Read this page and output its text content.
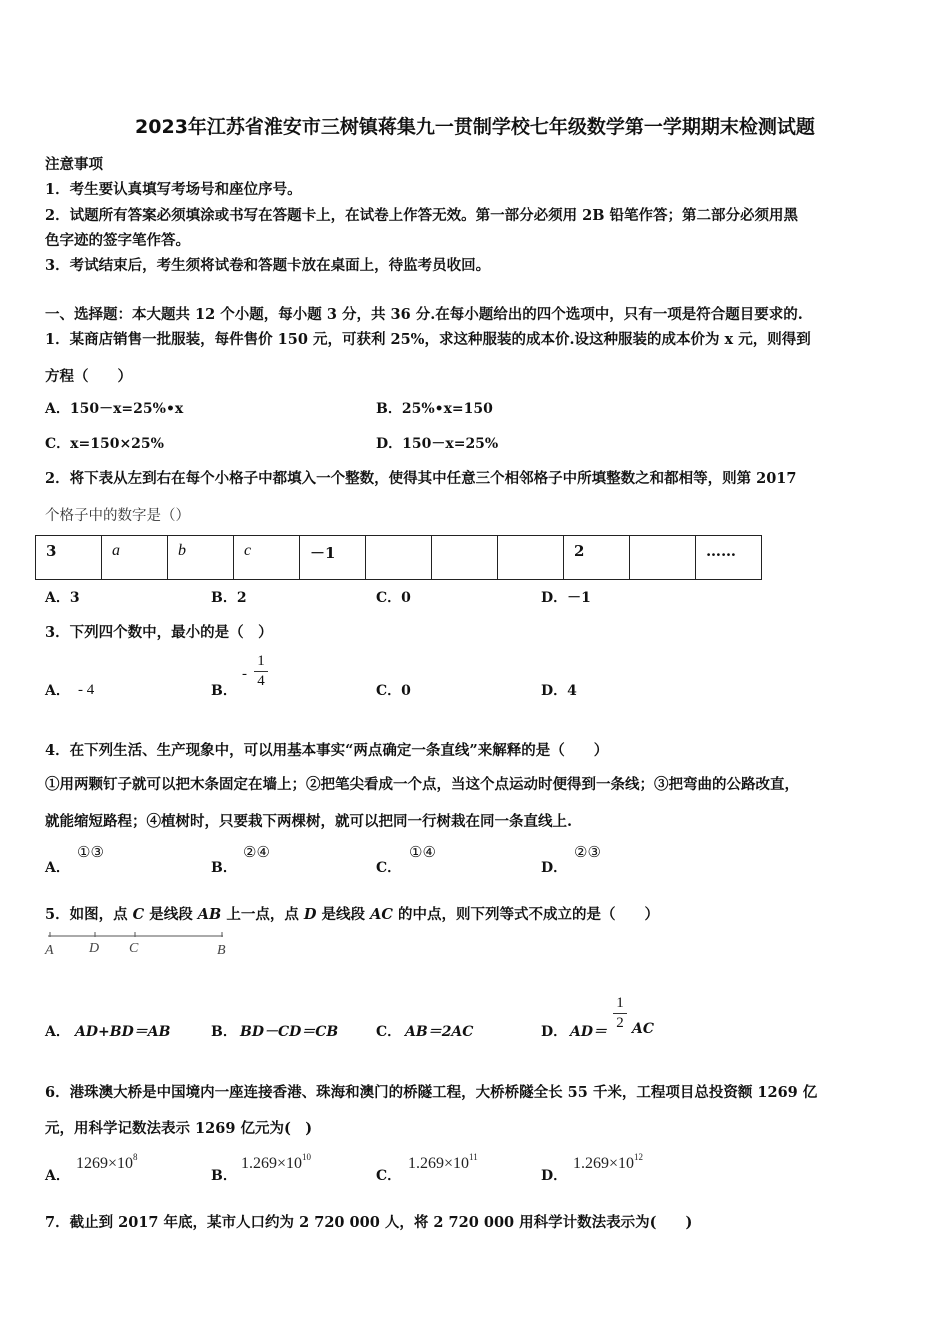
2023年江苏省淮安市三树镇蒋集九一贯制学校七年级数学第一学期期末检测试题
注意事项
1．考生要认真填写考场号和座位序号。
2．试题所有答案必须填涂或书写在答题卡上，在试卷上作答无效。第一部分必须用 2B 铅笔作答；第二部分必须用黑
色字迹的签字笔作答。
3．考试结束后，考生须将试卷和答题卡放在桌面上，待监考员收回。
一、选择题：本大题共 12 个小题，每小题 3 分，共 36 分.在每小题给出的四个选项中，只有一项是符合题目要求的.
1．某商店销售一批服装，每件售价 150 元，可获利 25%，求这种服装的成本价.设这种服装的成本价为 x 元，则得到
方程（　　）
A．150－x=25%•x	B．25%•x=150
C．x=150×25%	D．150－x=25%
2．将下表从左到右在每个小格子中都填入一个整数，使得其中任意三个相邻格子中所填整数之和都相等，则第 2017
个格子中的数字是（）
3	a	b	c	－1				2		……
A．3	B．2	C．0	D．－1
3．下列四个数中，最小的是（　）
A． - 4	B．
-
1
4
C．0	D．4
4．在下列生活、生产现象中，可以用基本事实“两点确定一条直线”来解释的是（　　）
①用两颗钉子就可以把木条固定在墙上；②把笔尖看成一个点，当这个点运动时便得到一条线；③把弯曲的公路改直，
就能缩短路程；④植树时，只要栽下两棵树，就可以把同一行树栽在同一条直线上.
A．
①③
B．
②④
C．
①④
D．
②③
5．如图，点 C 是线段 AB 上一点，点 D 是线段 AC 的中点，则下列等式不成立的是（　　）
A	D C	B
A． AD+BD＝AB	B． BD－CD＝CB	C． AB＝2AC	D． AD＝
1
2 AC
6．港珠澳大桥是中国境内一座连接香港、珠海和澳门的桥隧工程，大桥桥隧全长 55 千米，工程项目总投资额 1269 亿
元，用科学记数法表示 1269 亿元为(　)
A．
$1269\times 10^8$
B．
$1.269\times 10^{10}$
C．
$1.269\times 10^{11}$
D．
$1.269\times 10^{12}$
7．截止到 2017 年底，某市人口约为 2 720 000 人，将 2 720 000 用科学计数法表示为(　　)
